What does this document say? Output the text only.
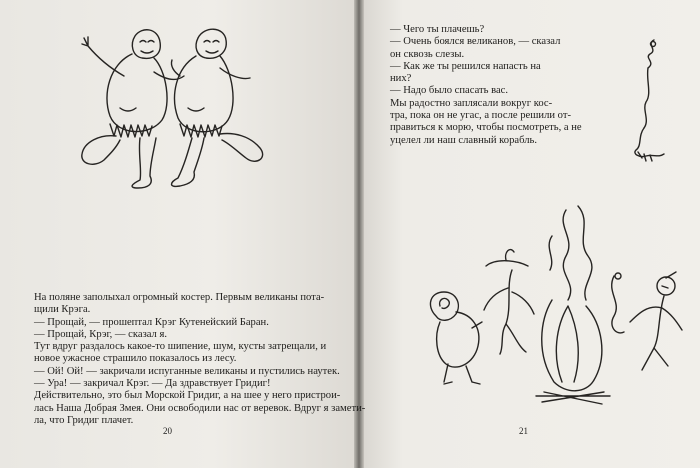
На поляне заполыхал огромный костер. Первым великаны пота-
щили Крэга.
— Прощай, — прошептал Крэг Кутенейский Баран.
— Прощай, Крэг, — сказал я.
Тут вдруг раздалось какое-то шипение, шум, кусты затрещали, и
новое ужасное страшило показалось из лесу.
— Ой! Ой! — закричали испуганные великаны и пустились наутек.
— Ура! — закричал Крэг. — Да здравствует Гридиг!
Действительно, это был Морской Гридиг, а на шее у него пристрои-
лась Наша Добрая Змея. Они освободили нас от веревок. Вдруг я замети-
ла, что Гридиг плачет.
— Чего ты плачешь?
— Очень боялся великанов, — сказал
он сквозь слезы.
— Как же ты решился напасть на
них?
— Надо было спасать вас.
Мы радостно заплясали вокруг кос-
тра, пока он не угас, а после решили от-
правиться к морю, чтобы посмотреть, а не
уцелел ли наш славный корабль.
20	21
